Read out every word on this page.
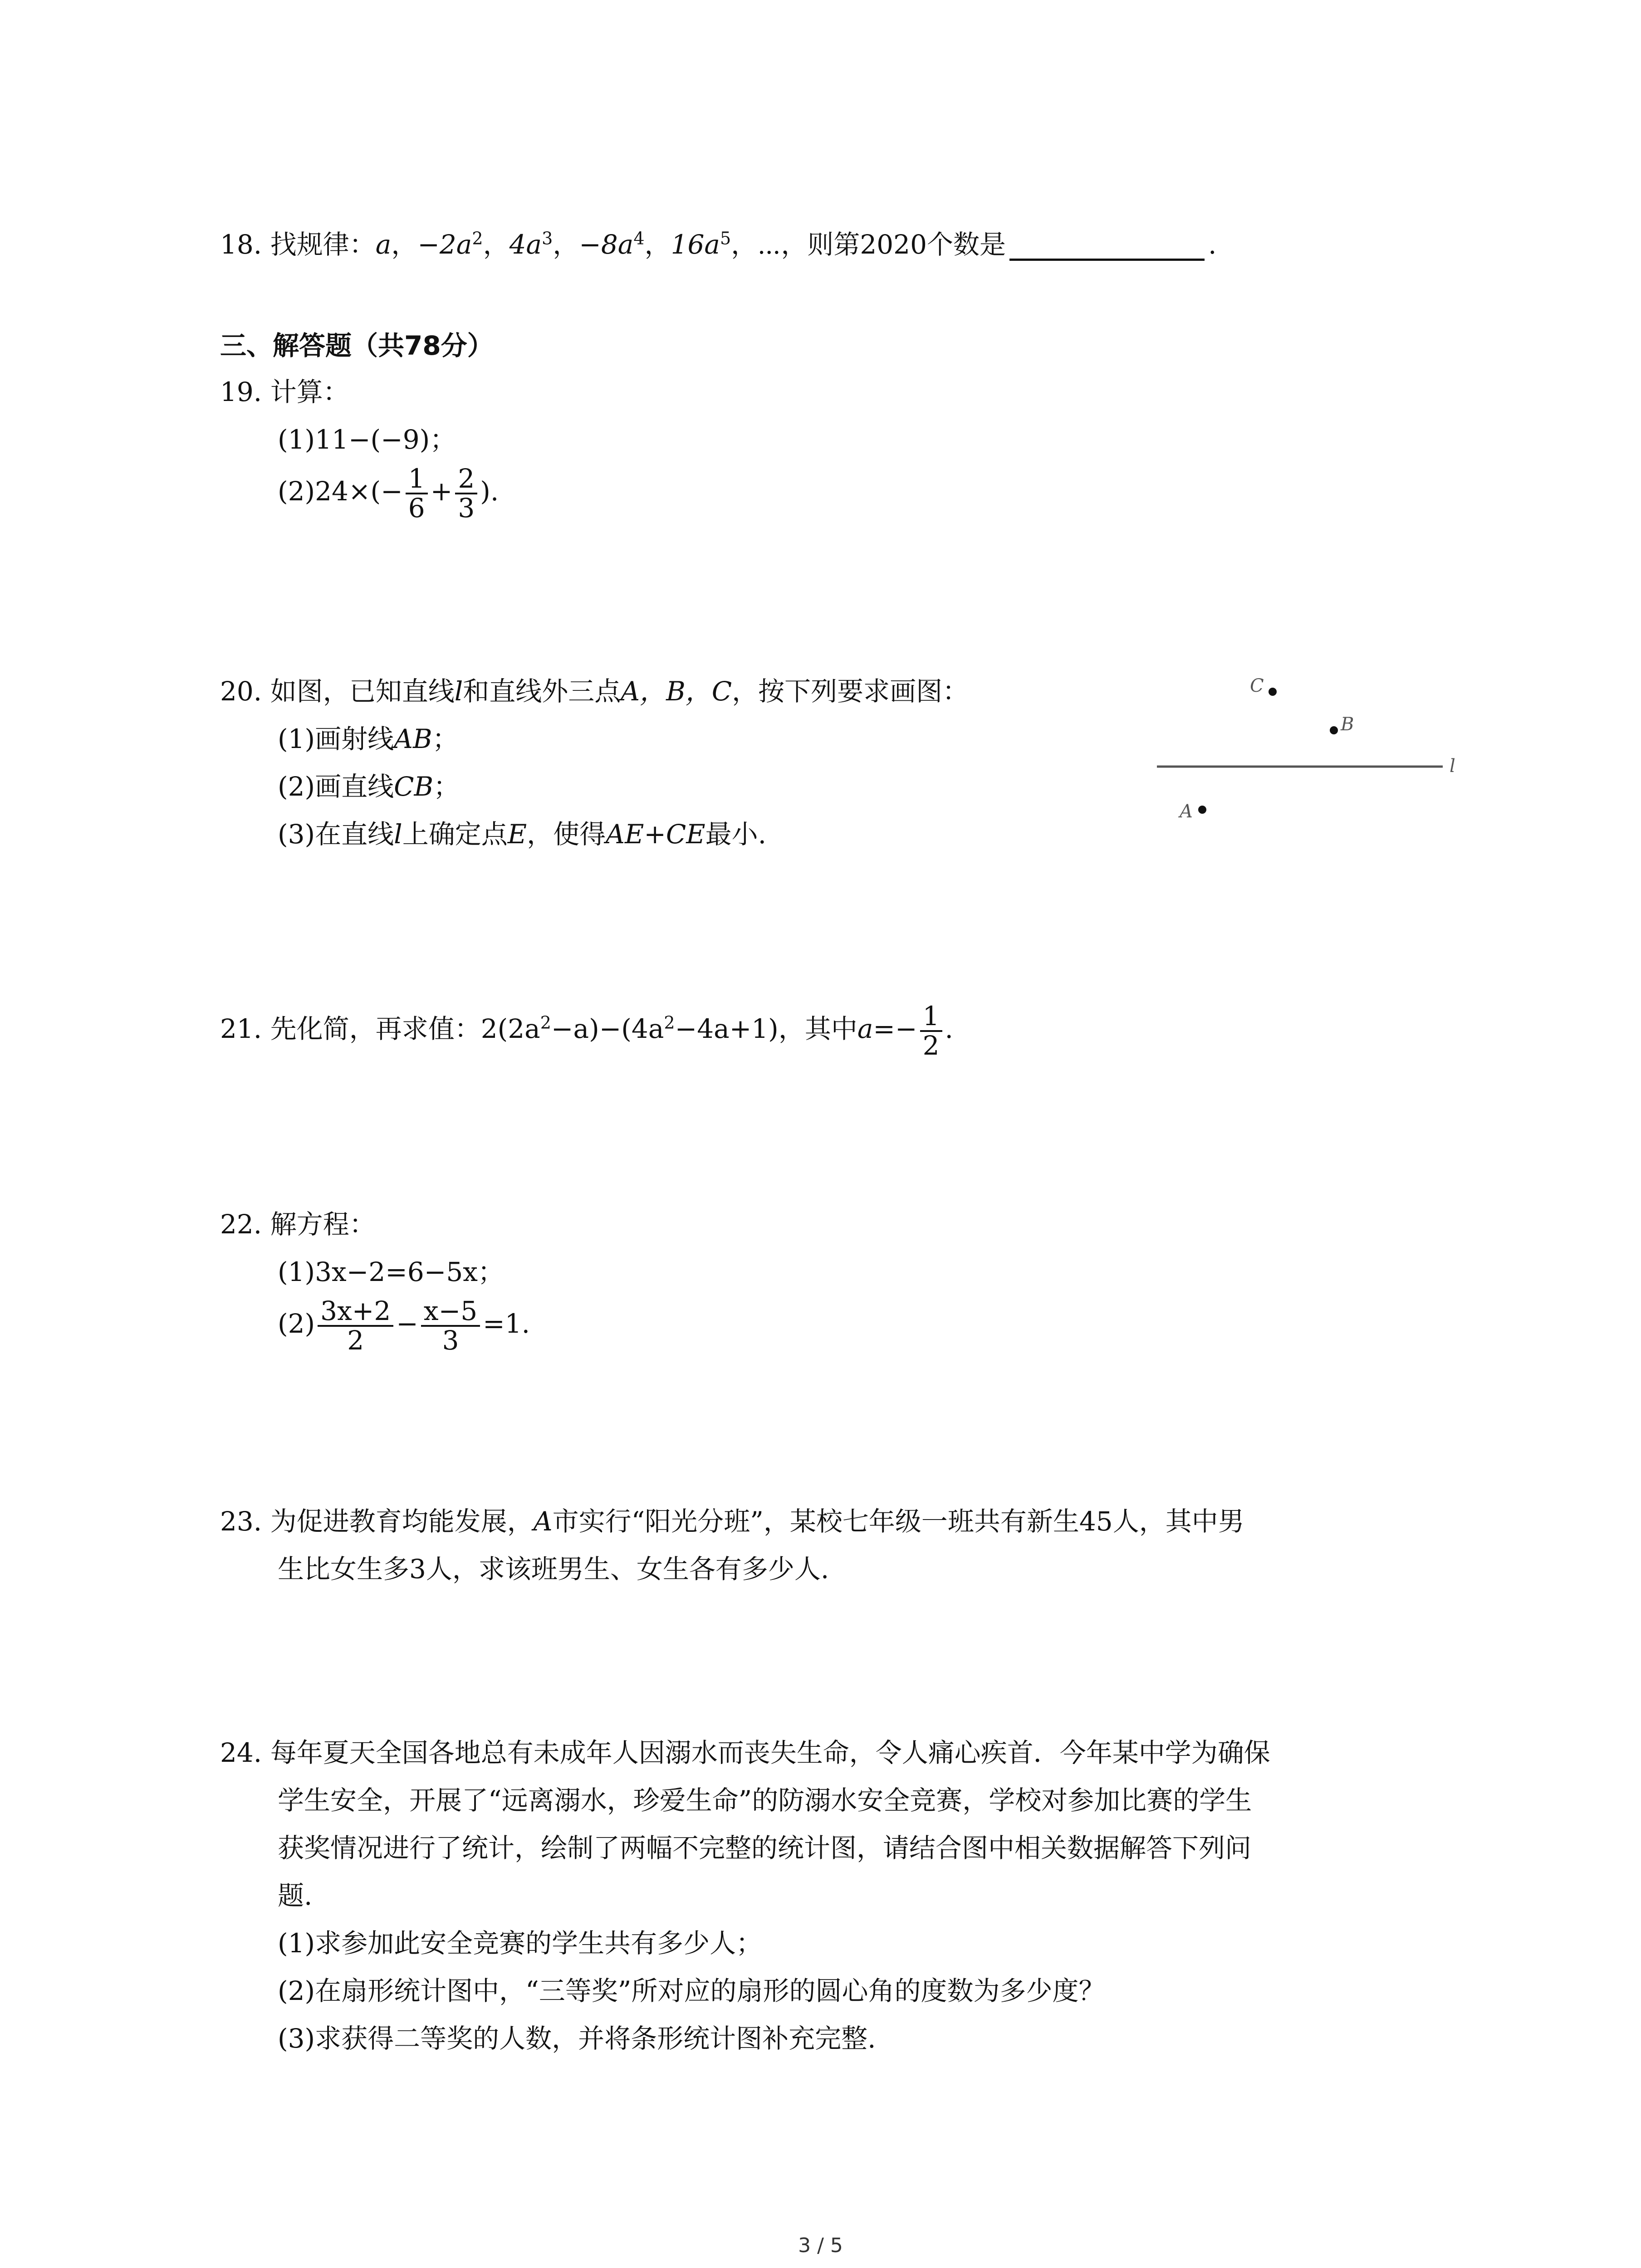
18. 找规律：a，$-2a^2$，$4a^3$，$-8a^4$，$16a^5$，⋯，则第2020个数是	.
三、解答题（共78分）
19. 计算：
(1)11−(−9)；
$(2)24\times(- \frac{1}{6} + \frac{2}{3}$ ).
20. 如图，已知直线l和直线外三点A，B，C，按下列要求画图：
(1)画射线AB；
(2)画直线CB；
(3)在直线l上确定点E，使得AE+CE最小.
l
C
B
A
21. 先化简，再求值：$2(2a^2-a)-(4a^2-4a+1)$，其中$a=- \frac{1}{2}$ .
22. 解方程：
(1)3x−2=6−5x；
$(2) \frac{3x+2}{2} - \frac{x-5}{3} =1$.
23. 为促进教育均能发展，A市实行“阳光分班”，某校七年级一班共有新生45人，其中男
生比女生多3人，求该班男生、女生各有多少人.
24. 每年夏天全国各地总有未成年人因溺水而丧失生命，令人痛心疾首．今年某中学为确保
学生安全，开展了“远离溺水，珍爱生命”的防溺水安全竞赛，学校对参加比赛的学生
获奖情况进行了统计，绘制了两幅不完整的统计图，请结合图中相关数据解答下列问
题.
(1)求参加此安全竞赛的学生共有多少人；
(2)在扇形统计图中，“三等奖”所对应的扇形的圆心角的度数为多少度？
(3)求获得二等奖的人数，并将条形统计图补充完整.
3 / 5
